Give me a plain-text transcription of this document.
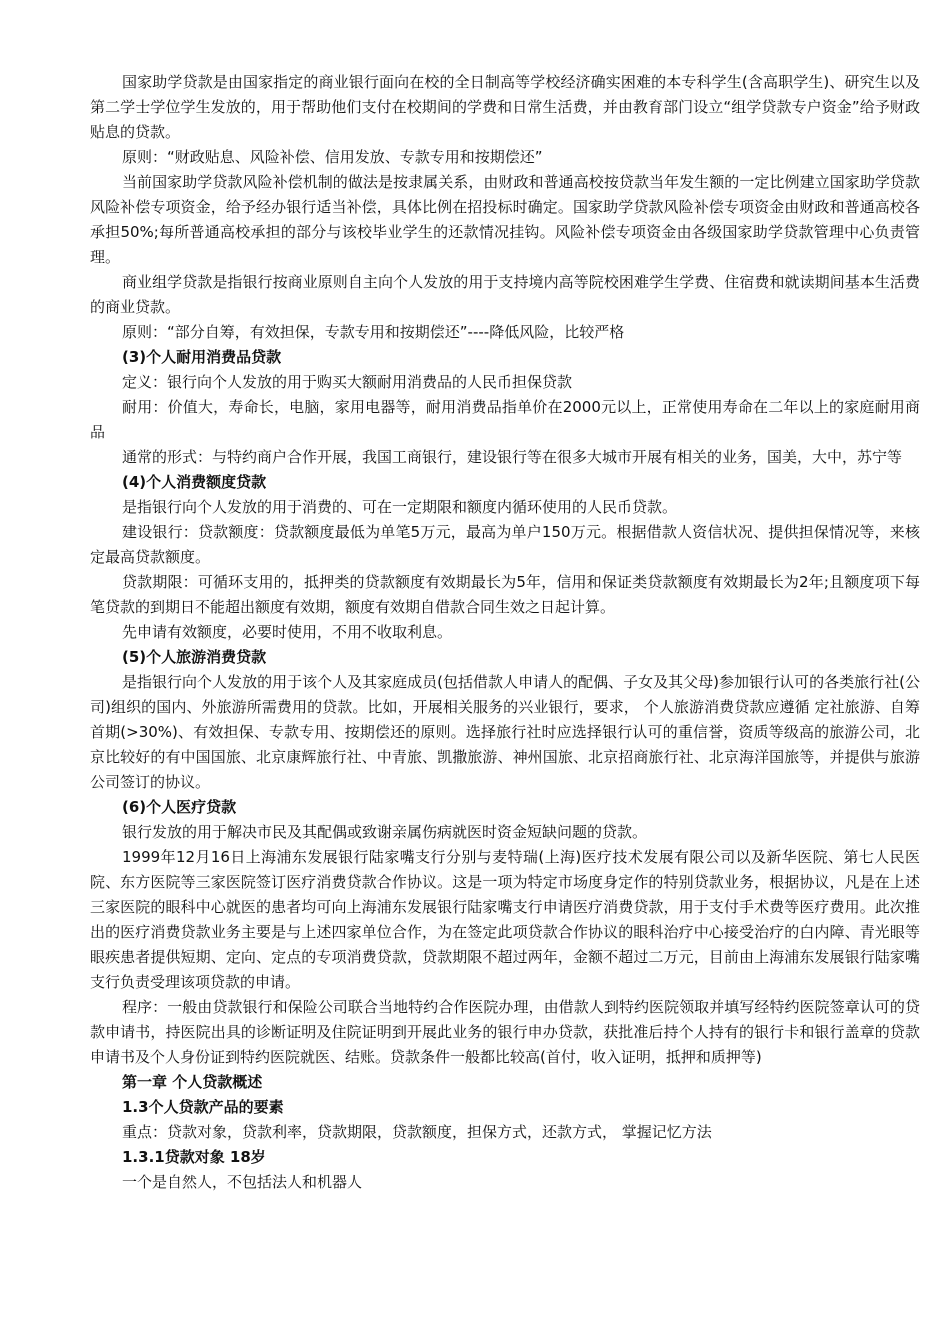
国家助学贷款是由国家指定的商业银行面向在校的全日制高等学校经济确实困难的本专科学生(含高职学生)、研究生以及第二学士学位学生发放的，用于帮助他们支付在校期间的学费和日常生活费，并由教育部门设立“组学贷款专户资金”给予财政贴息的贷款。

原则：“财政贴息、风险补偿、信用发放、专款专用和按期偿还”

当前国家助学贷款风险补偿机制的做法是按隶属关系，由财政和普通高校按贷款当年发生额的一定比例建立国家助学贷款风险补偿专项资金，给予经办银行适当补偿，具体比例在招投标时确定。国家助学贷款风险补偿专项资金由财政和普通高校各承担50%;每所普通高校承担的部分与该校毕业学生的还款情况挂钩。风险补偿专项资金由各级国家助学贷款管理中心负责管理。

商业组学贷款是指银行按商业原则自主向个人发放的用于支持境内高等院校困难学生学费、住宿费和就读期间基本生活费的商业贷款。

原则：“部分自筹，有效担保，专款专用和按期偿还”----降低风险，比较严格

(3)个人耐用消费品贷款

定义：银行向个人发放的用于购买大额耐用消费品的人民币担保贷款

耐用：价值大，寿命长，电脑，家用电器等，耐用消费品指单价在2000元以上，正常使用寿命在二年以上的家庭耐用商品

通常的形式：与特约商户合作开展，我国工商银行，建设银行等在很多大城市开展有相关的业务，国美，大中，苏宁等

(4)个人消费额度贷款

是指银行向个人发放的用于消费的、可在一定期限和额度内循环使用的人民币贷款。

建设银行：贷款额度：贷款额度最低为单笔5万元，最高为单户150万元。根据借款人资信状况、提供担保情况等，来核定最高贷款额度。

贷款期限：可循环支用的，抵押类的贷款额度有效期最长为5年，信用和保证类贷款额度有效期最长为2年;且额度项下每笔贷款的到期日不能超出额度有效期，额度有效期自借款合同生效之日起计算。

先申请有效额度，必要时使用，不用不收取利息。

(5)个人旅游消费贷款

是指银行向个人发放的用于该个人及其家庭成员(包括借款人申请人的配偶、子女及其父母)参加银行认可的各类旅行社(公司)组织的国内、外旅游所需费用的贷款。比如，开展相关服务的兴业银行，要求， 个人旅游消费贷款应遵循 定社旅游、自筹首期(>30%)、有效担保、专款专用、按期偿还的原则。选择旅行社时应选择银行认可的重信誉，资质等级高的旅游公司，北京比较好的有中国国旅、北京康辉旅行社、中青旅、凯撒旅游、神州国旅、北京招商旅行社、北京海洋国旅等，并提供与旅游公司签订的协议。

(6)个人医疗贷款

银行发放的用于解决市民及其配偶或致谢亲属伤病就医时资金短缺问题的贷款。

1999年12月16日上海浦东发展银行陆家嘴支行分别与麦特瑞(上海)医疗技术发展有限公司以及新华医院、第七人民医院、东方医院等三家医院签订医疗消费贷款合作协议。这是一项为特定市场度身定作的特别贷款业务，根据协议，凡是在上述三家医院的眼科中心就医的患者均可向上海浦东发展银行陆家嘴支行申请医疗消费贷款，用于支付手术费等医疗费用。此次推出的医疗消费贷款业务主要是与上述四家单位合作，为在签定此项贷款合作协议的眼科治疗中心接受治疗的白内障、青光眼等眼疾患者提供短期、定向、定点的专项消费贷款，贷款期限不超过两年，金额不超过二万元，目前由上海浦东发展银行陆家嘴支行负责受理该项贷款的申请。

程序：一般由贷款银行和保险公司联合当地特约合作医院办理，由借款人到特约医院领取并填写经特约医院签章认可的贷款申请书，持医院出具的诊断证明及住院证明到开展此业务的银行申办贷款，获批准后持个人持有的银行卡和银行盖章的贷款申请书及个人身份证到特约医院就医、结账。贷款条件一般都比较高(首付，收入证明，抵押和质押等)

第一章 个人贷款概述

1.3个人贷款产品的要素

重点：贷款对象，贷款利率，贷款期限，贷款额度，担保方式，还款方式， 掌握记忆方法

1.3.1贷款对象 18岁

一个是自然人，不包括法人和机器人
